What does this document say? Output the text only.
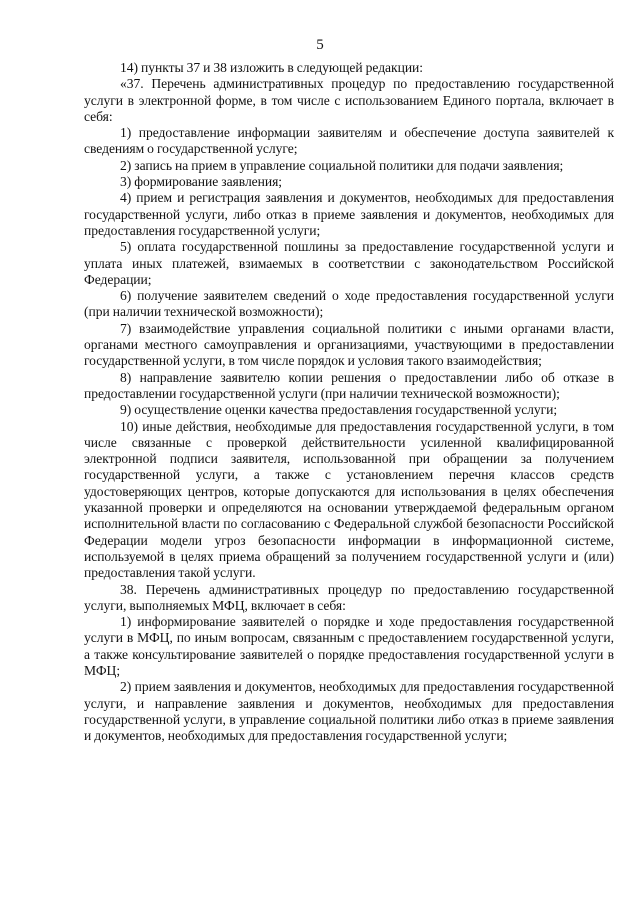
5

14) пункты 37 и 38 изложить в следующей редакции:

«37. Перечень административных процедур по предоставлению государственной услуги в электронной форме, в том числе с использованием Единого портала, включает в себя:

1) предоставление информации заявителям и обеспечение доступа заявителей к сведениям о государственной услуге;

2) запись на прием в управление социальной политики для подачи заявления;

3) формирование заявления;

4) прием и регистрация заявления и документов, необходимых для предоставления государственной услуги, либо отказ в приеме заявления и документов, необходимых для предоставления государственной услуги;

5) оплата государственной пошлины за предоставление государственной услуги и уплата иных платежей, взимаемых в соответствии с законодательством Российской Федерации;

6) получение заявителем сведений о ходе предоставления государственной услуги (при наличии технической возможности);

7) взаимодействие управления социальной политики с иными органами власти, органами местного самоуправления и организациями, участвующими в предоставлении государственной услуги, в том числе порядок и условия такого взаимодействия;

8) направление заявителю копии решения о предоставлении либо об отказе в предоставлении государственной услуги (при наличии технической возможности);

9) осуществление оценки качества предоставления государственной услуги;

10) иные действия, необходимые для предоставления государственной услуги, в том числе связанные с проверкой действительности усиленной квалифицированной электронной подписи заявителя, использованной при обращении за получением государственной услуги, а также с установлением перечня классов средств удостоверяющих центров, которые допускаются для использования в целях обеспечения указанной проверки и определяются на основании утверждаемой федеральным органом исполнительной власти по согласованию с Федеральной службой безопасности Российской Федерации модели угроз безопасности информации в информационной системе, используемой в целях приема обращений за получением государственной услуги и (или) предоставления такой услуги.

38. Перечень административных процедур по предоставлению государственной услуги, выполняемых МФЦ, включает в себя:

1) информирование заявителей о порядке и ходе предоставления государственной услуги в МФЦ, по иным вопросам, связанным с предоставлением государственной услуги, а также консультирование заявителей о порядке предоставления государственной услуги в МФЦ;

2) прием заявления и документов, необходимых для предоставления государственной услуги, и направление заявления и документов, необходимых для предоставления государственной услуги, в управление социальной политики либо отказ в приеме заявления и документов, необходимых для предоставления государственной услуги;
